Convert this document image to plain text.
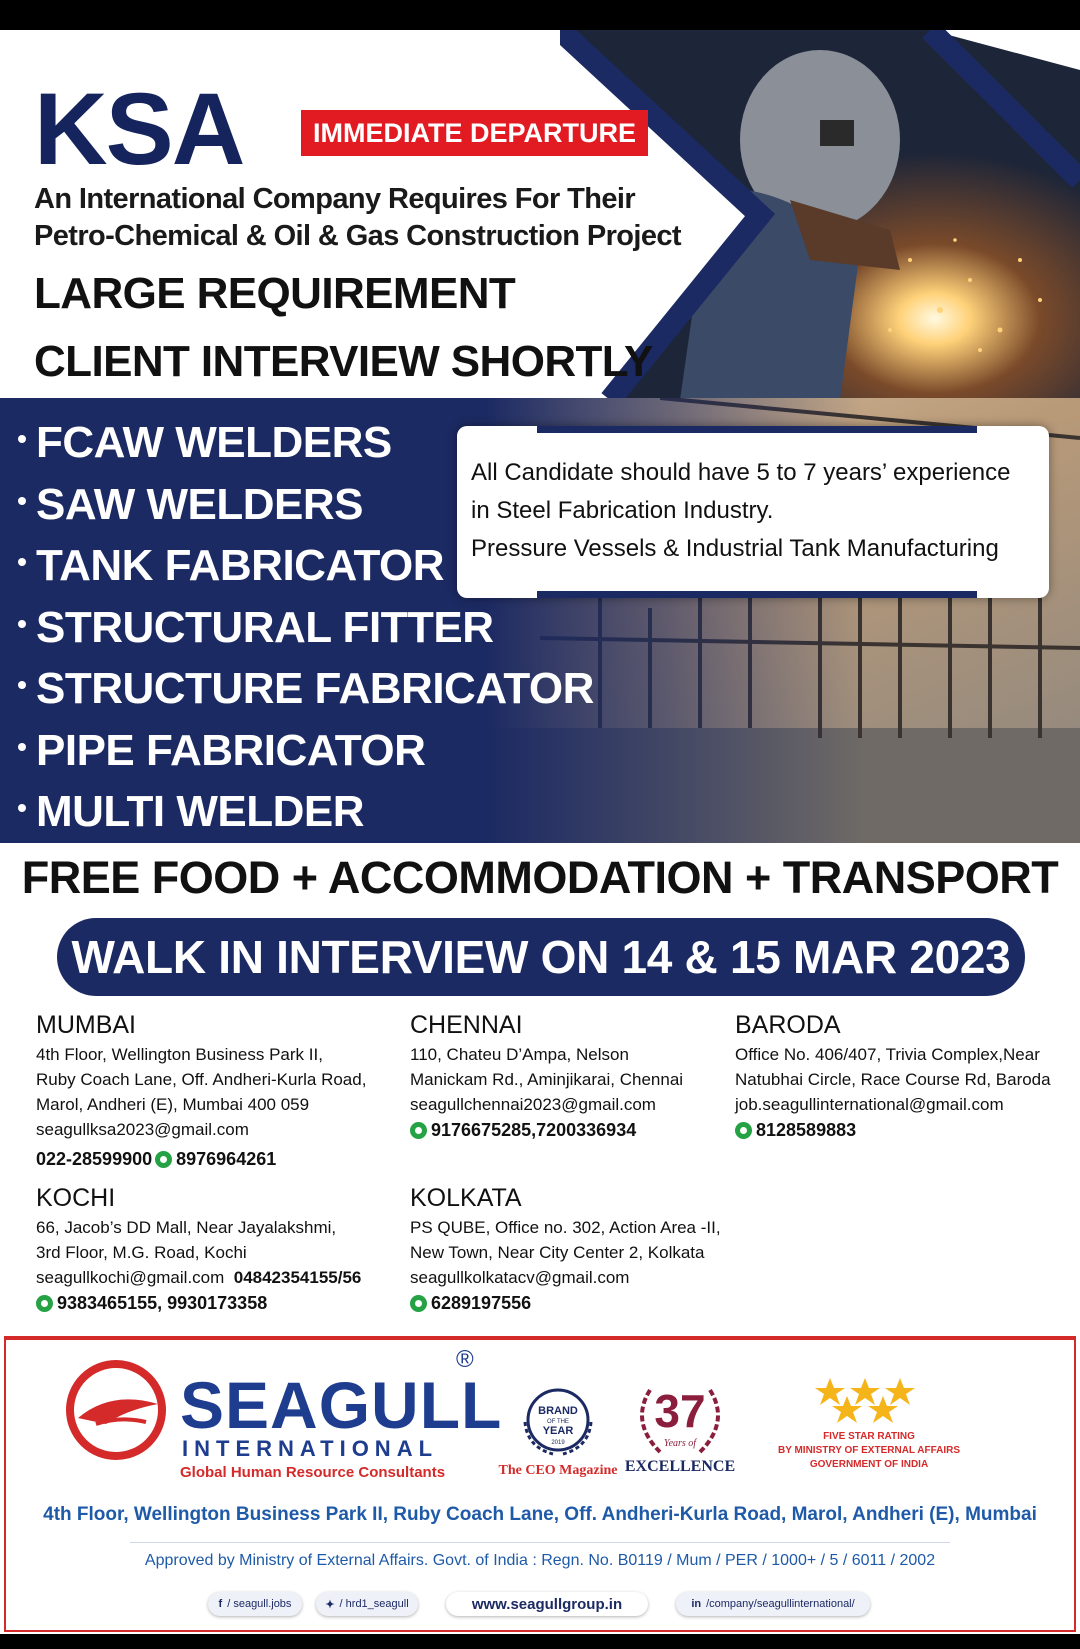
KSA	IMMEDIATE DEPARTURE
An International Company Requires For Their
Petro-Chemical & Oil & Gas Construction Project
LARGE REQUIREMENT
CLIENT INTERVIEW SHORTLY
FCAW WELDERS
SAW WELDERS
TANK FABRICATOR
STRUCTURAL FITTER
STRUCTURE FABRICATOR
PIPE FABRICATOR
MULTI WELDER
All Candidate should have 5 to 7 years’ experience
in Steel Fabrication Industry.
Pressure Vessels & Industrial Tank Manufacturing
FREE FOOD + ACCOMMODATION + TRANSPORT
WALK IN INTERVIEW ON 14 & 15 MAR 2023
MUMBAI
4th Floor, Wellington Business Park II,
Ruby Coach Lane, Off. Andheri-Kurla Road,
Marol, Andheri (E), Mumbai 400 059
seagullksa2023@gmail.com
022-28599900 8976964261
CHENNAI
110, Chateu D’Ampa, Nelson
Manickam Rd., Aminjikarai, Chennai
seagullchennai2023@gmail.com
9176675285,7200336934
BARODA
Office No. 406/407, Trivia Complex,Near
Natubhai Circle, Race Course Rd, Baroda
job.seagullinternational@gmail.com
8128589883
KOCHI
66, Jacob’s DD Mall, Near Jayalakshmi,
3rd Floor, M.G. Road, Kochi
seagullkochi@gmail.com 04842354155/56
9383465155, 9930173358
KOLKATA
PS QUBE, Office no. 302, Action Area -II,
New Town, Near City Center 2, Kolkata
seagullkolkatacv@gmail.com
6289197556
SEAGULL
®
INTERNATIONAL
Global Human Resource Consultants
BRAND
OF THE
YEAR
2019
The CEO Magazine
37
Years of
EXCELLENCE
FIVE STAR RATING
BY MINISTRY OF EXTERNAL AFFAIRS
GOVERNMENT OF INDIA
4th Floor, Wellington Business Park II, Ruby Coach Lane, Off. Andheri-Kurla Road, Marol, Andheri (E), Mumbai
Approved by Ministry of External Affairs. Govt. of India : Regn. No. B0119 / Mum / PER / 1000+ / 5 / 6011 / 2002
f / seagull.jobs	✦ / hrd1_seagull	www.seagullgroup.in	in /company/seagullinternational/
